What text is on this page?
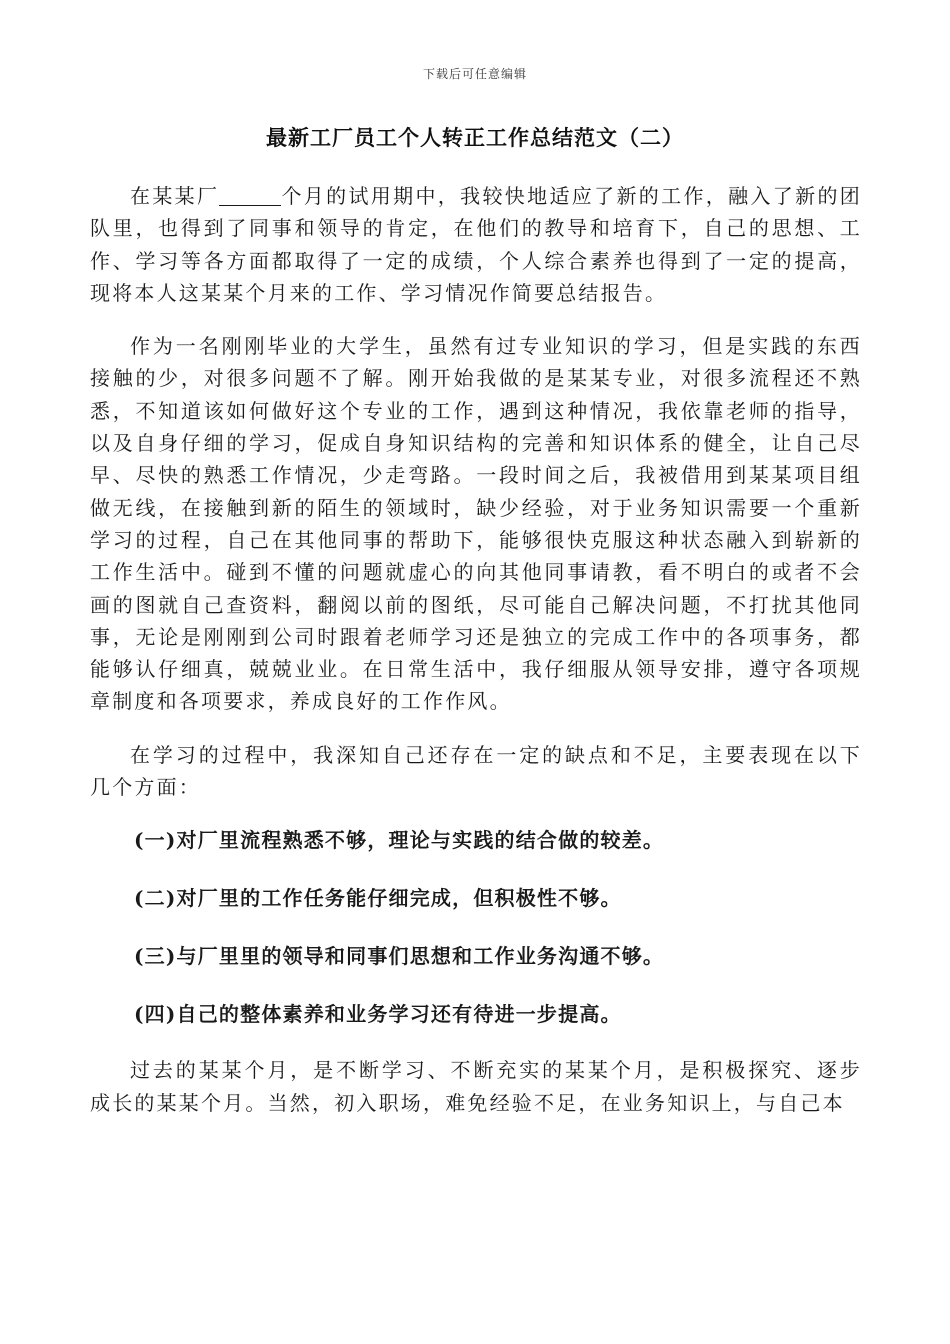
下载后可任意编辑
最新工厂员工个人转正工作总结范文（二）

在某某厂	个月的试用期中，我较快地适应了新的工作，融入了新的团队里，也得到了同事和领导的肯定，在他们的教导和培育下，自己的思想、工作、学习等各方面都取得了一定的成绩，个人综合素养也得到了一定的提高，现将本人这某某个月来的工作、学习情况作简要总结报告。

作为一名刚刚毕业的大学生，虽然有过专业知识的学习，但是实践的东西接触的少，对很多问题不了解。刚开始我做的是某某专业，对很多流程还不熟悉，不知道该如何做好这个专业的工作，遇到这种情况，我依靠老师的指导，以及自身仔细的学习，促成自身知识结构的完善和知识体系的健全，让自己尽早、尽快的熟悉工作情况，少走弯路。一段时间之后，我被借用到某某项目组做无线，在接触到新的陌生的领域时，缺少经验，对于业务知识需要一个重新学习的过程，自己在其他同事的帮助下，能够很快克服这种状态融入到崭新的工作生活中。碰到不懂的问题就虚心的向其他同事请教，看不明白的或者不会画的图就自己查资料，翻阅以前的图纸，尽可能自己解决问题，不打扰其他同事，无论是刚刚到公司时跟着老师学习还是独立的完成工作中的各项事务，都能够认仔细真，兢兢业业。在日常生活中，我仔细服从领导安排，遵守各项规章制度和各项要求，养成良好的工作作风。

在学习的过程中，我深知自己还存在一定的缺点和不足，主要表现在以下几个方面：

(一)对厂里流程熟悉不够，理论与实践的结合做的较差。

(二)对厂里的工作任务能仔细完成，但积极性不够。

(三)与厂里里的领导和同事们思想和工作业务沟通不够。

(四)自己的整体素养和业务学习还有待进一步提高。

过去的某某个月，是不断学习、不断充实的某某个月，是积极探究、逐步成长的某某个月。当然，初入职场，难免经验不足，在业务知识上，与自己本
